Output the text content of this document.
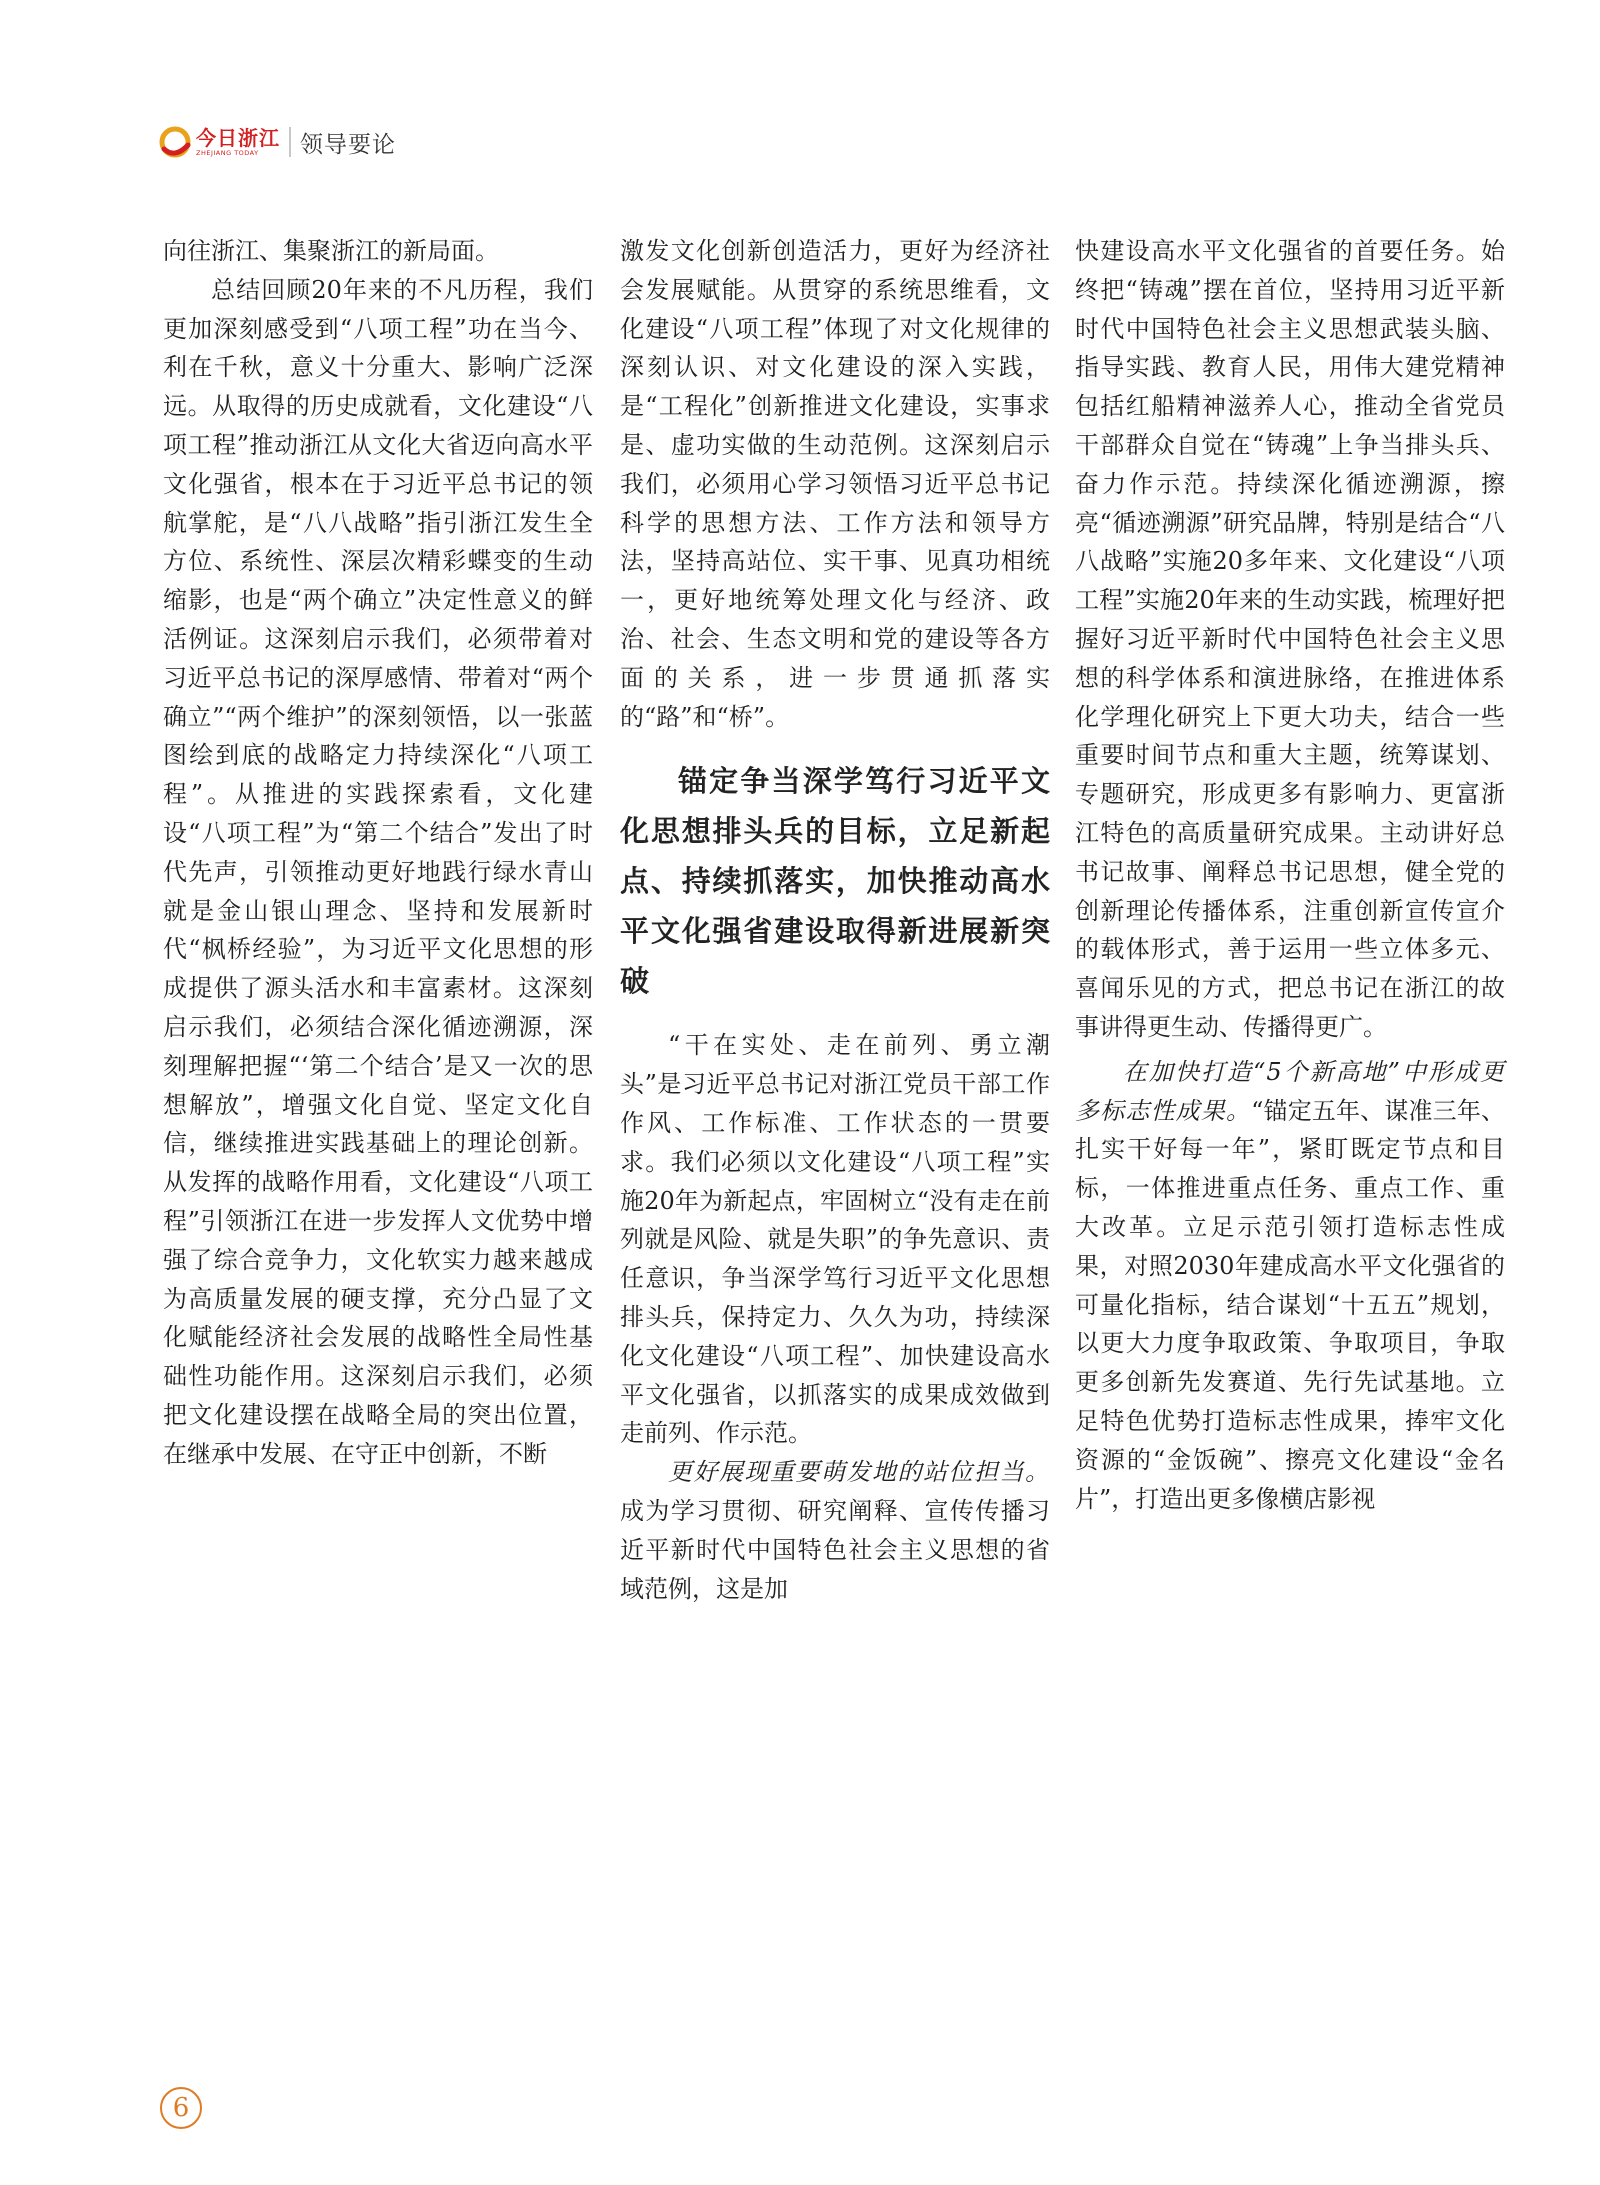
今日浙江
ZHEJIANG TODAY	领导要论

向往浙江、集聚浙江的新局面。

总结回顾20年来的不凡历程，我们更加深刻感受到“八项工程”功在当今、利在千秋，意义十分重大、影响广泛深远。从取得的历史成就看，文化建设“八项工程”推动浙江从文化大省迈向高水平文化强省，根本在于习近平总书记的领航掌舵，是“八八战略”指引浙江发生全方位、系统性、深层次精彩蝶变的生动缩影，也是“两个确立”决定性意义的鲜活例证。这深刻启示我们，必须带着对习近平总书记的深厚感情、带着对“两个确立”“两个维护”的深刻领悟，以一张蓝图绘到底的战略定力持续深化“八项工程”。从推进的实践探索看，文化建设“八项工程”为“第二个结合”发出了时代先声，引领推动更好地践行绿水青山就是金山银山理念、坚持和发展新时代“枫桥经验”，为习近平文化思想的形成提供了源头活水和丰富素材。这深刻启示我们，必须结合深化循迹溯源，深刻理解把握“‘第二个结合’是又一次的思想解放”，增强文化自觉、坚定文化自信，继续推进实践基础上的理论创新。从发挥的战略作用看，文化建设“八项工程”引领浙江在进一步发挥人文优势中增强了综合竞争力，文化软实力越来越成为高质量发展的硬支撑，充分凸显了文化赋能经济社会发展的战略性全局性基础性功能作用。这深刻启示我们，必须把文化建设摆在战略全局的突出位置，在继承中发展、在守正中创新，不断

激发文化创新创造活力，更好为经济社会发展赋能。从贯穿的系统思维看，文化建设“八项工程”体现了对文化规律的深刻认识、对文化建设的深入实践，是“工程化”创新推进文化建设，实事求是、虚功实做的生动范例。这深刻启示我们，必须用心学习领悟习近平总书记科学的思想方法、工作方法和领导方法，坚持高站位、实干事、见真功相统一，更好地统筹处理文化与经济、政治、社会、生态文明和党的建设等各方面的关系，进一步贯通抓落实的“路”和“桥”。

锚定争当深学笃行习近平文化思想排头兵的目标，立足新起点、持续抓落实，加快推动高水平文化强省建设取得新进展新突破

“干在实处、走在前列、勇立潮头”是习近平总书记对浙江党员干部工作作风、工作标准、工作状态的一贯要求。我们必须以文化建设“八项工程”实施20年为新起点，牢固树立“没有走在前列就是风险、就是失职”的争先意识、责任意识，争当深学笃行习近平文化思想排头兵，保持定力、久久为功，持续深化文化建设“八项工程”、加快建设高水平文化强省，以抓落实的成果成效做到走前列、作示范。

更好展现重要萌发地的站位担当。成为学习贯彻、研究阐释、宣传传播习近平新时代中国特色社会主义思想的省域范例，这是加

快建设高水平文化强省的首要任务。始终把“铸魂”摆在首位，坚持用习近平新时代中国特色社会主义思想武装头脑、指导实践、教育人民，用伟大建党精神包括红船精神滋养人心，推动全省党员干部群众自觉在“铸魂”上争当排头兵、奋力作示范。持续深化循迹溯源，擦亮“循迹溯源”研究品牌，特别是结合“八八战略”实施20多年来、文化建设“八项工程”实施20年来的生动实践，梳理好把握好习近平新时代中国特色社会主义思想的科学体系和演进脉络，在推进体系化学理化研究上下更大功夫，结合一些重要时间节点和重大主题，统筹谋划、专题研究，形成更多有影响力、更富浙江特色的高质量研究成果。主动讲好总书记故事、阐释总书记思想，健全党的创新理论传播体系，注重创新宣传宣介的载体形式，善于运用一些立体多元、喜闻乐见的方式，把总书记在浙江的故事讲得更生动、传播得更广。

在加快打造“5个新高地”中形成更多标志性成果。“锚定五年、谋准三年、扎实干好每一年”，紧盯既定节点和目标，一体推进重点任务、重点工作、重大改革。立足示范引领打造标志性成果，对照2030年建成高水平文化强省的可量化指标，结合谋划“十五五”规划，以更大力度争取政策、争取项目，争取更多创新先发赛道、先行先试基地。立足特色优势打造标志性成果，捧牢文化资源的“金饭碗”、擦亮文化建设“金名片”，打造出更多像横店影视

6
